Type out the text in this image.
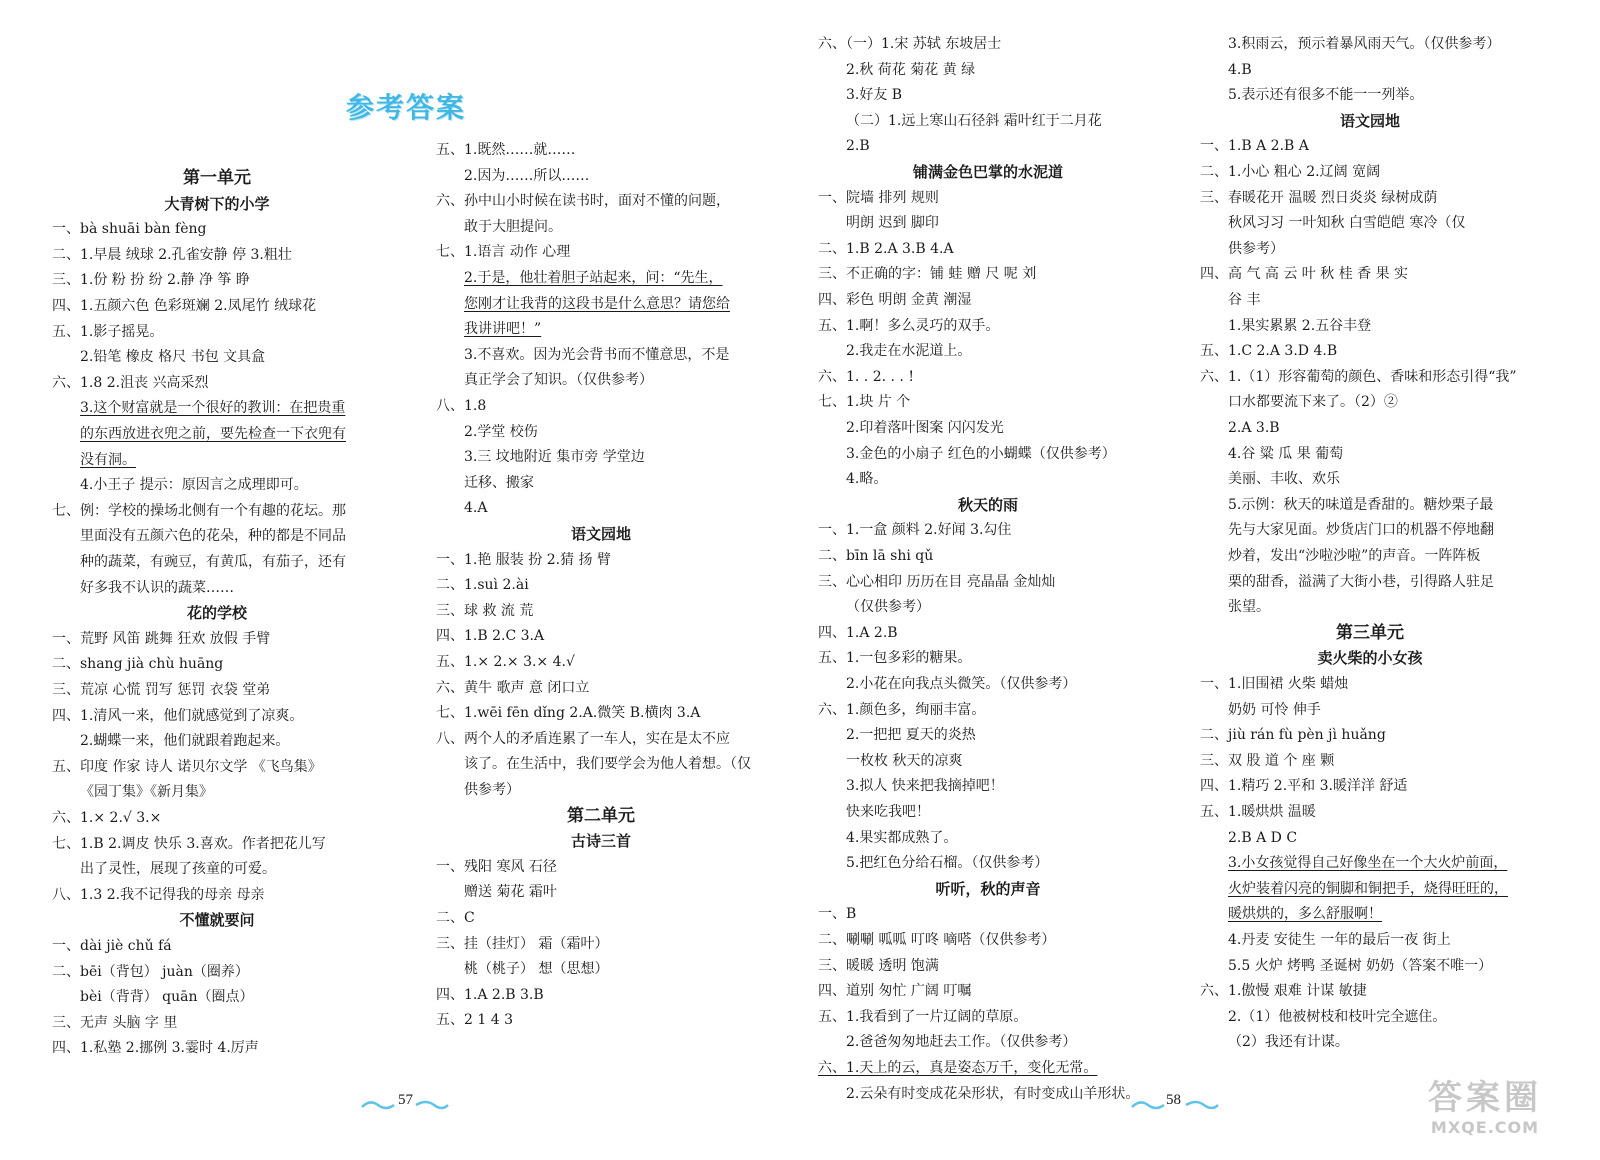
参考答案
第一单元
大青树下的小学
一、bà shuāi bàn fèng
二、1.早晨 绒球 2.孔雀安静 停 3.粗壮
三、1.份 粉 扮 纷 2.静 净 筝 睁
四、1.五颜六色 色彩斑斓 2.凤尾竹 绒球花
五、1.影子摇晃。
2.铅笔 橡皮 格尺 书包 文具盒
六、1.8 2.沮丧 兴高采烈
3.这个财富就是一个很好的教训：在把贵重
的东西放进衣兜之前，要先检查一下衣兜有
没有洞。
4.小王子 提示：原因言之成理即可。
七、例：学校的操场北侧有一个有趣的花坛。那
里面没有五颜六色的花朵，种的都是不同品
种的蔬菜，有豌豆，有黄瓜，有茄子，还有
好多我不认识的蔬菜……
花的学校
一、荒野 风笛 跳舞 狂欢 放假 手臂
二、shang jià chù huāng
三、荒凉 心慌 罚写 惩罚 衣袋 堂弟
四、1.清风一来，他们就感觉到了凉爽。
2.蝴蝶一来，他们就跟着跑起来。
五、印度 作家 诗人 诺贝尔文学 《飞鸟集》
《园丁集》《新月集》
六、1.× 2.√ 3.×
七、1.B 2.调皮 快乐 3.喜欢。作者把花儿写
出了灵性，展现了孩童的可爱。
八、1.3 2.我不记得我的母亲 母亲
不懂就要问
一、dài jiè chǔ fá
二、bēi（背包） juàn（圈养）
bèi（背背） quān（圈点）
三、无声 头脑 字 里
四、1.私塾 2.挪例 3.霎时 4.厉声
五、1.既然……就……
2.因为……所以……
六、孙中山小时候在读书时，面对不懂的问题，
敢于大胆提问。
七、1.语言 动作 心理
2.于是，他壮着胆子站起来，问：“先生，
您刚才让我背的这段书是什么意思？请您给
我讲讲吧！”
3.不喜欢。因为光会背书而不懂意思，不是
真正学会了知识。（仅供参考）
八、1.8
2.学堂 校伤
3.三 坟地附近 集市旁 学堂边
迁移、搬家
4.A
语文园地
一、1.艳 服装 扮 2.猜 扬 臂
二、1.suì 2.ài
三、球 救 流 荒
四、1.B 2.C 3.A
五、1.× 2.× 3.× 4.√
六、黄牛 歌声 意 闭口立
七、1.wēi fēn dǐng 2.A.微笑 B.横肉 3.A
八、两个人的矛盾连累了一车人，实在是太不应
该了。在生活中，我们要学会为他人着想。（仅
供参考）
第二单元
古诗三首
一、残阳 寒风 石径
赠送 菊花 霜叶
二、C
三、挂（挂灯） 霜（霜叶）
桃（桃子） 想（思想）
四、1.A 2.B 3.B
五、2 1 4 3
57
六、（一）1.宋 苏轼 东坡居士
2.秋 荷花 菊花 黄 绿
3.好友 B
（二）1.远上寒山石径斜 霜叶红于二月花
2.B
铺满金色巴掌的水泥道
一、院墙 排列 规则
明朗 迟到 脚印
二、1.B 2.A 3.B 4.A
三、不正确的字：铺 蛙 赠 尺 呢 刘
四、彩色 明朗 金黄 潮湿
五、1.啊！多么灵巧的双手。
2.我走在水泥道上。
六、1. . 2. . . !
七、1.块 片 个
2.印着落叶图案 闪闪发光
3.金色的小扇子 红色的小蝴蝶（仅供参考）
4.略。
秋天的雨
一、1.一盒 颜料 2.好闻 3.勾住
二、bīn lā shi qǔ
三、心心相印 历历在目 亮晶晶 金灿灿
（仅供参考）
四、1.A 2.B
五、1.一包多彩的糖果。
2.小花在向我点头微笑。（仅供参考）
六、1.颜色多，绚丽丰富。
2.一把把 夏天的炎热
一枚枚 秋天的凉爽
3.拟人 快来把我摘掉吧！
快来吃我吧！
4.果实都成熟了。
5.把红色分给石榴。（仅供参考）
听听，秋的声音
一、B
二、唰唰 呱呱 叮咚 嘀嗒（仅供参考）
三、暖暖 透明 饱满
四、道别 匆忙 广阔 叮嘱
五、1.我看到了一片辽阔的草原。
2.爸爸匆匆地赶去工作。（仅供参考）
六、1.天上的云，真是姿态万千，变化无常。
2.云朵有时变成花朵形状，有时变成山羊形状。
3.积雨云，预示着暴风雨天气。（仅供参考）
4.B
5.表示还有很多不能一一列举。
语文园地
一、1.B A 2.B A
二、1.小心 粗心 2.辽阔 宽阔
三、春暖花开 温暖 烈日炎炎 绿树成荫
秋风习习 一叶知秋 白雪皑皑 寒冷（仅
供参考）
四、高 气 高 云 叶 秋 桂 香 果 实
谷 丰
1.果实累累 2.五谷丰登
五、1.C 2.A 3.D 4.B
六、1.（1）形容葡萄的颜色、香味和形态引得“我”
口水都要流下来了。（2）②
2.A 3.B
4.谷 粱 瓜 果 葡萄
美丽、丰收、欢乐
5.示例：秋天的味道是香甜的。糖炒栗子最
先与大家见面。炒货店门口的机器不停地翻
炒着，发出“沙啦沙啦”的声音。一阵阵板
栗的甜香，溢满了大街小巷，引得路人驻足
张望。
第三单元
卖火柴的小女孩
一、1.旧围裙 火柴 蜡烛
奶奶 可怜 伸手
二、jiù rán fù pèn jì huǎng
三、双 股 道 个 座 颗
四、1.精巧 2.平和 3.暖洋洋 舒适
五、1.暖烘烘 温暖
2.B A D C
3.小女孩觉得自己好像坐在一个大火炉前面，
火炉装着闪亮的铜脚和铜把手，烧得旺旺的，
暖烘烘的，多么舒服啊！
4.丹麦 安徒生 一年的最后一夜 街上
5.5 火炉 烤鸭 圣诞树 奶奶（答案不唯一）
六、1.傲慢 艰难 计谋 敏捷
2.（1）他被树枝和枝叶完全遮住。
（2）我还有计谋。
58	答案圈
MXQE.COM
